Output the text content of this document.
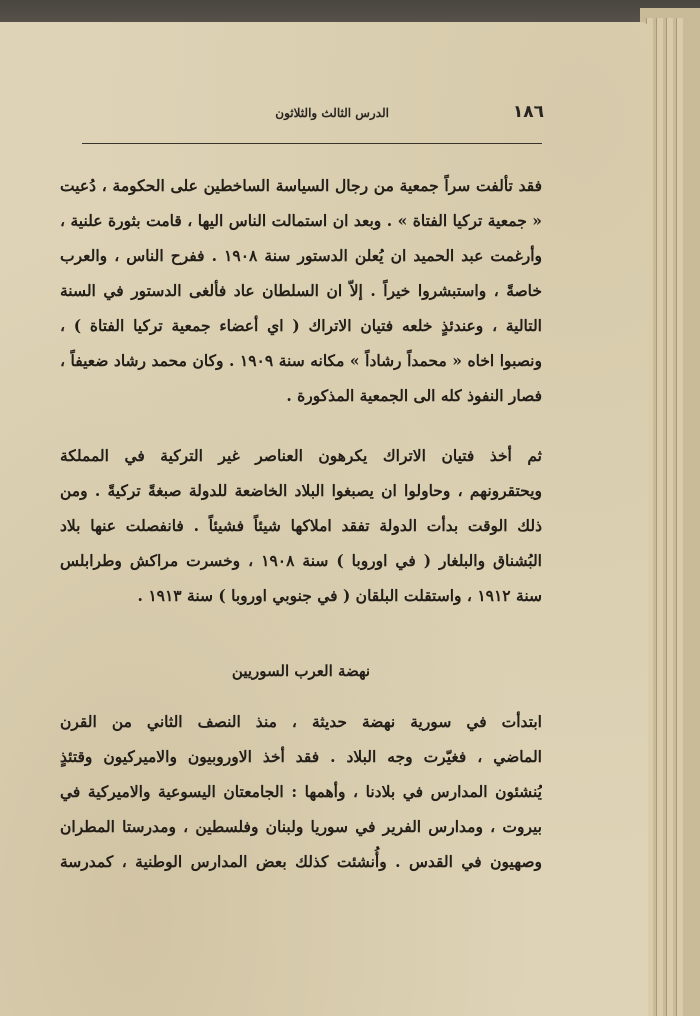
١٨٦
الدرس الثالث والثلاثون
فقد تألفت سراً جمعية من رجال السياسة الساخطين على الحكومة ، دُعيت
« جمعية تركيا الفتاة » . وبعد ان استمالت الناس اليها ، قامت بثورة علنية ،
وأرغمت عبد الحميد ان يُعلن الدستور سنة ١٩٠٨ . ففرح الناس ، والعرب
خاصةً ، واستبشروا خيراً . إلاّ ان السلطان عاد فألغى الدستور في السنة
التالية ، وعندئذٍ خلعه فتيان الاتراك ( اي أعضاء جمعية تركيا الفتاة ) ،
ونصبوا اخاه « محمداً رشاداً » مكانه سنة ١٩٠٩ . وكان محمد رشاد ضعيفاً ،
فصار النفوذ كله الى الجمعية المذكورة .
ثم أخذ فتيان الاتراك يكرهون العناصر غير التركية في المملكة
ويحتقرونهم ، وحاولوا ان يصبغوا البلاد الخاضعة للدولة صبغةً تركيةً . ومن
ذلك الوقت بدأت الدولة تفقد املاكها شيئاً فشيئاً . فانفصلت عنها بلاد
البُشناق والبلغار ( في اوروبا ) سنة ١٩٠٨ ، وخسرت مراكش وطرابلس
سنة ١٩١٢ ، واستقلت البلقان ( في جنوبي اوروبا ) سنة ١٩١٣ .
نهضة العرب السوريين
ابتدأت في سورية نهضة حديثة ، منذ النصف الثاني من القرن
الماضي ، فغيّرت وجه البلاد . فقد أخذ الاوروبيون والاميركيون وقتئذٍ
يُنشئون المدارس في بلادنا ، وأهمها : الجامعتان اليسوعية والاميركية في
بيروت ، ومدارس الفرير في سوريا ولبنان وفلسطين ، ومدرستا المطران
وصهيون في القدس . وأُنشئت كذلك بعض المدارس الوطنية ، كمدرسة
